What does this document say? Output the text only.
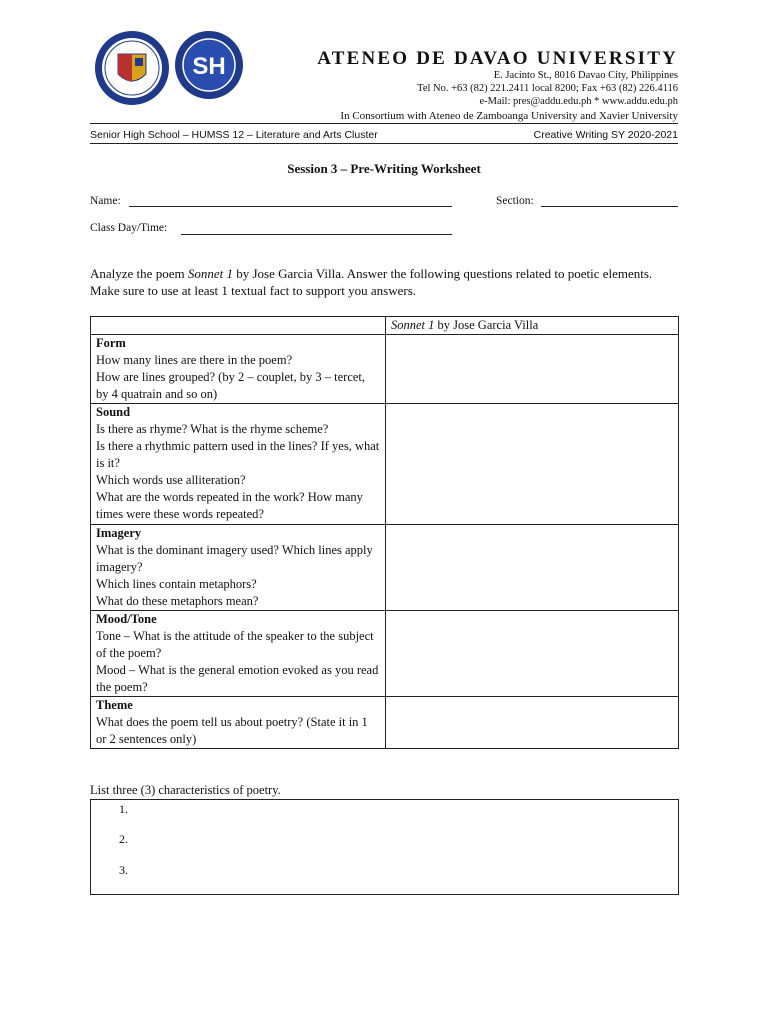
SH	ATENEO DE DAVAO UNIVERSITY
E. Jacinto St., 8016 Davao City, Philippines
Tel No. +63 (82) 221.2411 local 8200; Fax +63 (82) 226.4116
e-Mail: pres@addu.edu.ph * www.addu.edu.ph
In Consortium with Ateneo de Zamboanga University and Xavier University
Senior High School – HUMSS 12 – Literature and Arts Cluster	Creative Writing SY 2020-2021
Session 3 – Pre-Writing Worksheet
Name:	Section:
Class Day/Time:
Analyze the poem Sonnet 1 by Jose Garcia Villa. Answer the following questions related to poetic elements. Make sure to use at least 1 textual fact to support you answers.
	Sonnet 1 by Jose Garcia Villa

Form
How many lines are there in the poem?
How are lines grouped? (by 2 – couplet, by 3 – tercet, by 4 quatrain and so on)	

Sound
Is there as rhyme? What is the rhyme scheme?
Is there a rhythmic pattern used in the lines? If yes, what is it?
Which words use alliteration?
What are the words repeated in the work? How many times were these words repeated?	

Imagery
What is the dominant imagery used? Which lines apply imagery?
Which lines contain metaphors?
What do these metaphors mean?	

Mood/Tone
Tone – What is the attitude of the speaker to the subject of the poem?
Mood – What is the general emotion evoked as you read the poem?	

Theme
What does the poem tell us about poetry? (State it in 1 or 2 sentences only)	

List three (3) characteristics of poetry.
1.
2.
3.
